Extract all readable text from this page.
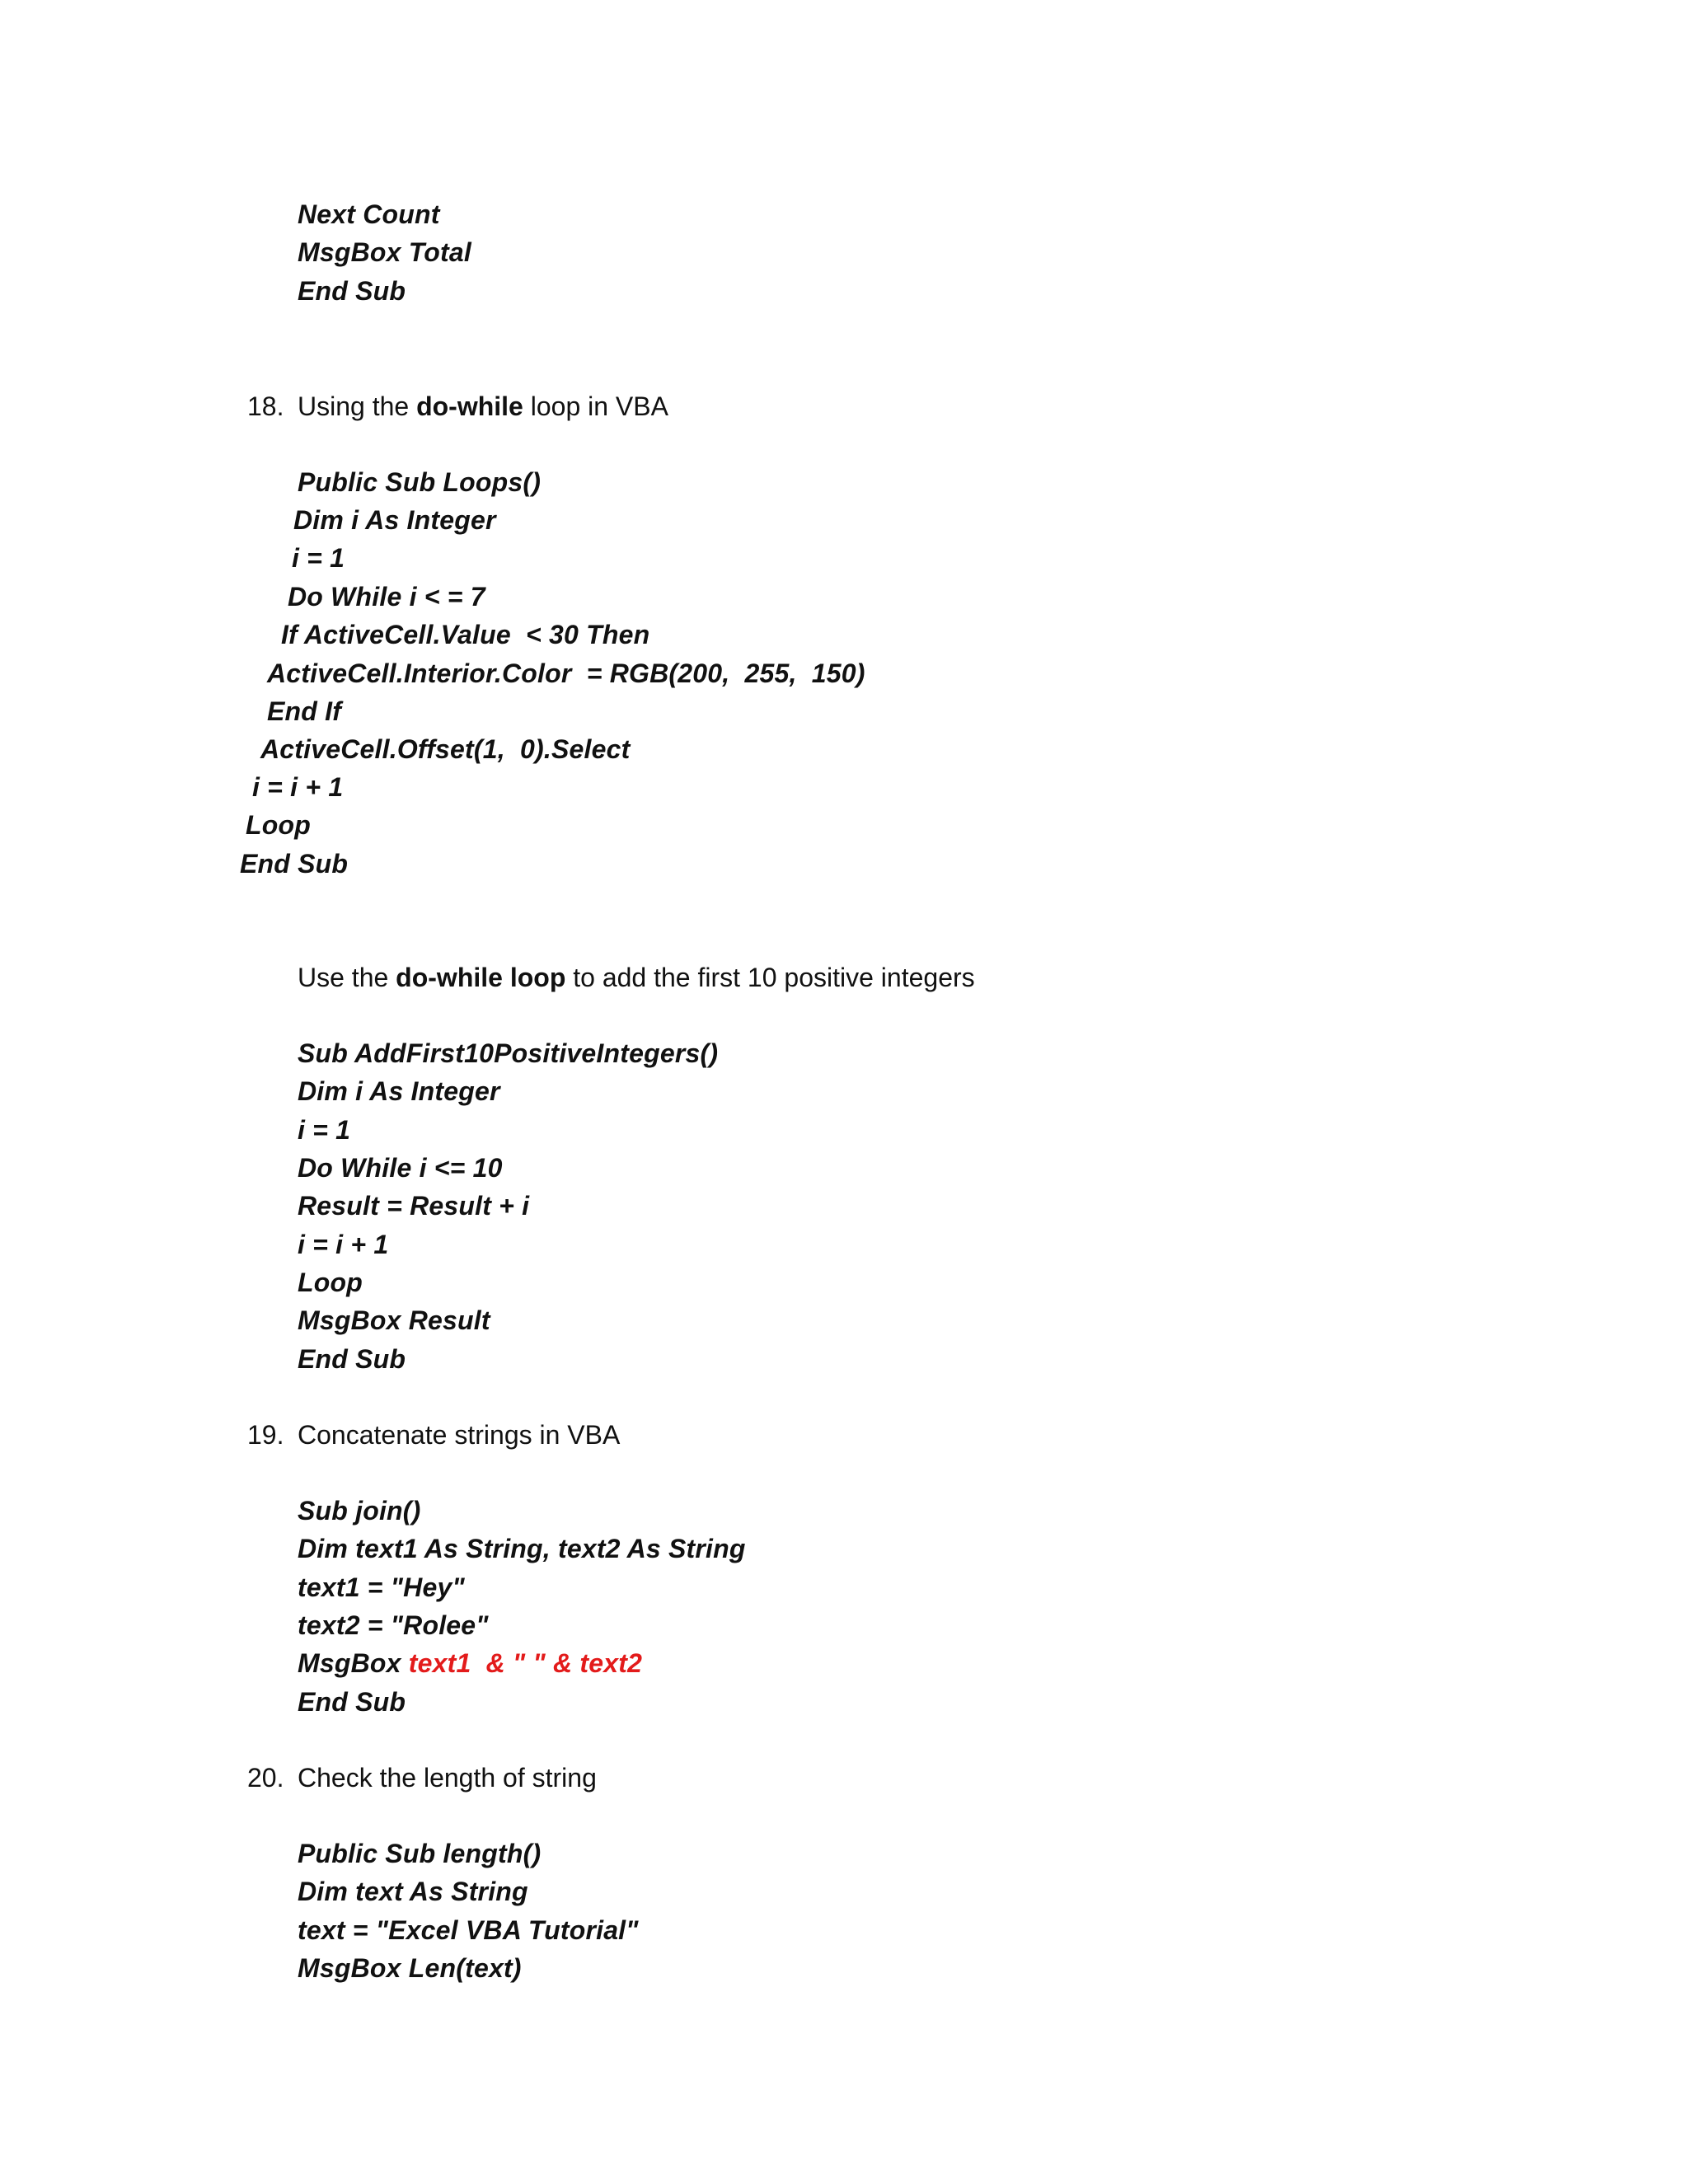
Next Count
MsgBox Total
End Sub
18. Using the do-while loop in VBA
Public Sub Loops()
Dim i As Integer
i = 1
Do While i < = 7
If ActiveCell.Value  < 30 Then
ActiveCell.Interior.Color  = RGB(200,  255,  150)
End If
ActiveCell.Offset(1,  0).Select
i = i + 1
Loop
End Sub
Use the do-while loop to add the first 10 positive integers
Sub AddFirst10PositiveIntegers()
Dim i As Integer
i = 1
Do While i <= 10
Result = Result + i
i = i + 1
Loop
MsgBox Result
End Sub
19. Concatenate strings in VBA
Sub join()
Dim text1 As String, text2 As String
text1 = "Hey"
text2 = "Rolee"
MsgBox text1  & " " & text2
End Sub
20. Check the length of string
Public Sub length()
Dim text As String
text = "Excel VBA Tutorial"
MsgBox Len(text)
